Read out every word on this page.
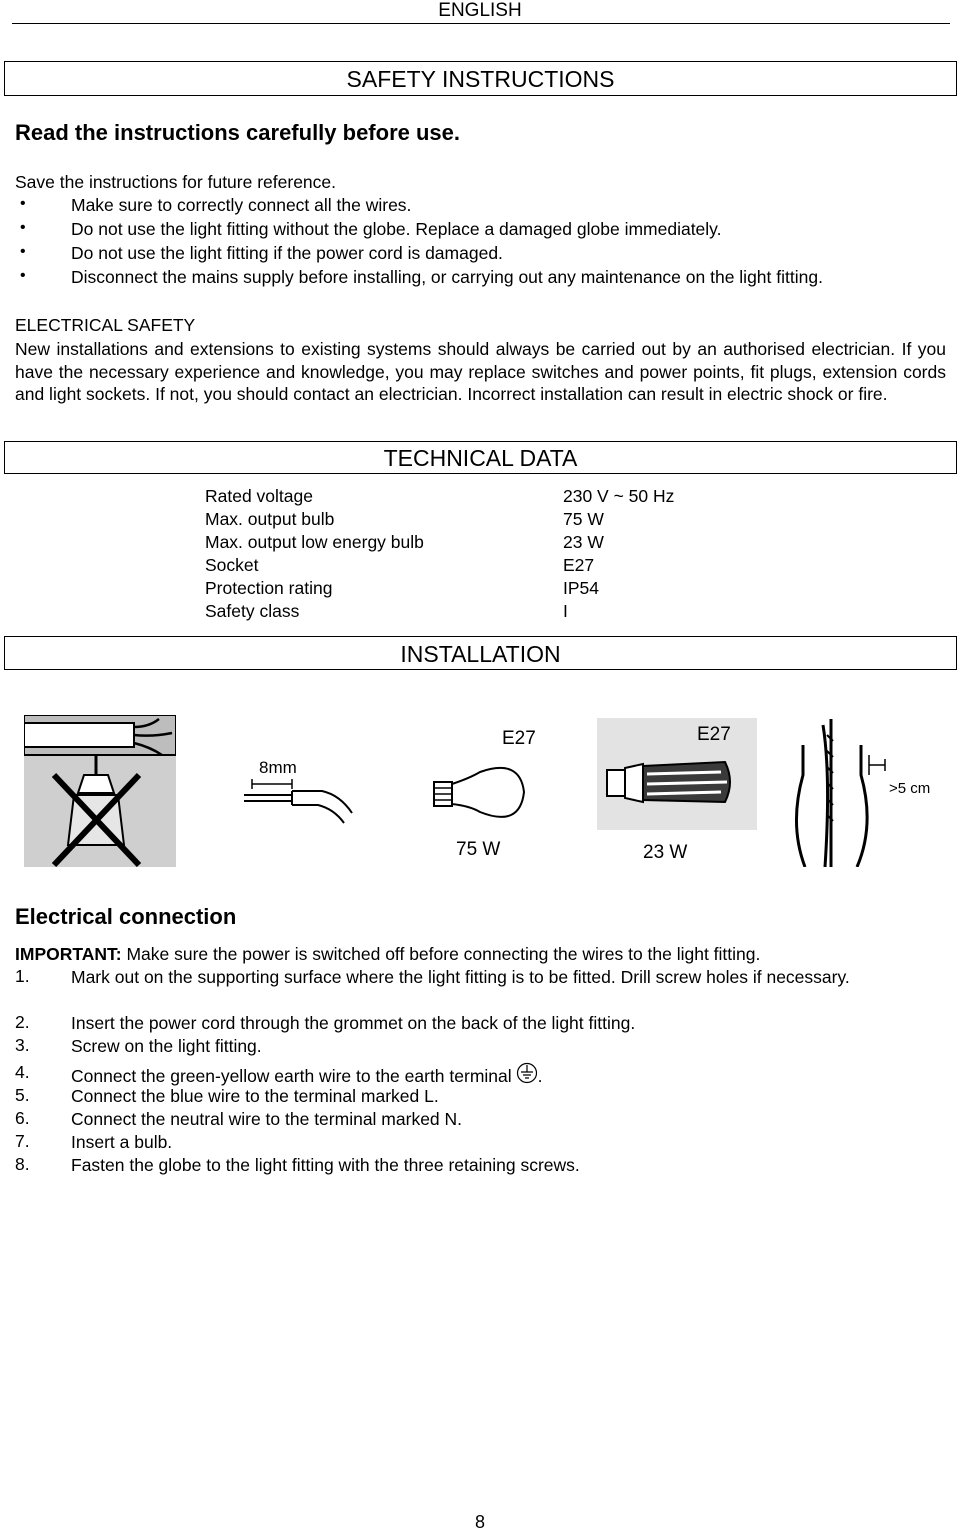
ENGLISH
SAFETY INSTRUCTIONS
Read the instructions carefully before use.
Save the instructions for future reference.
•	Make sure to correctly connect all the wires.
•	Do not use the light fitting without the globe. Replace a damaged globe immediately.
•	Do not use the light fitting if the power cord is damaged.
•	Disconnect the mains supply before installing, or carrying out any maintenance on the light fitting.
ELECTRICAL SAFETY
New installations and extensions to existing systems should always be carried out by an authorised electrician. If you have the necessary experience and knowledge, you may replace switches and power points, fit plugs, extension cords and light sockets. If not, you should contact an electrician. Incorrect installation can result in electric shock or fire.
TECHNICAL DATA
Rated voltage	230 V ~ 50 Hz
Max. output bulb	75 W
Max. output low energy bulb	23 W
Socket	E27
Protection rating	IP54
Safety class	I
INSTALLATION
8mm
E27
75 W
E27
23 W
>5 cm
Electrical connection
IMPORTANT: Make sure the power is switched off before connecting the wires to the light fitting.
1. Mark out on the supporting surface where the light fitting is to be fitted. Drill screw holes if necessary.
2. Insert the power cord through the grommet on the back of the light fitting.
3. Screw on the light fitting.
4. Connect the green-yellow earth wire to the earth terminal .
5. Connect the blue wire to the terminal marked L.
6. Connect the neutral wire to the terminal marked N.
7. Insert a bulb.
8. Fasten the globe to the light fitting with the three retaining screws.
8
